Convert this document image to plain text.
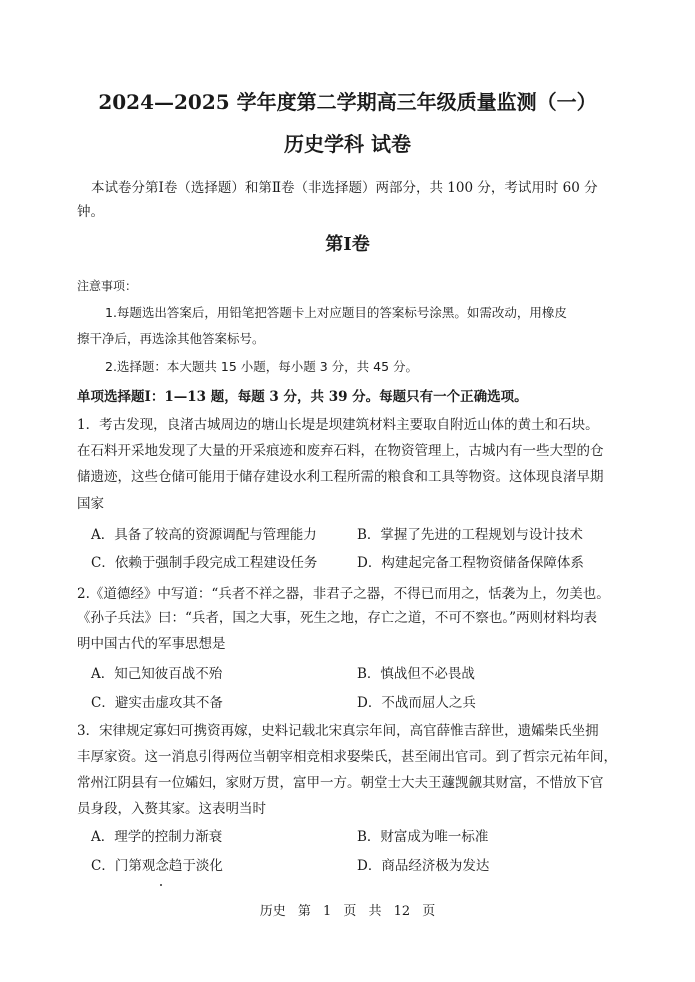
2024—2025 学年度第二学期高三年级质量监测（一）
历史学科 试卷
本试卷分第Ⅰ卷（选择题）和第Ⅱ卷（非选择题）两部分，共 100 分，考试用时 60 分
钟。
第Ⅰ卷
注意事项：
1.每题选出答案后，用铅笔把答题卡上对应题目的答案标号涂黑。如需改动，用橡皮
擦干净后，再选涂其他答案标号。
2.选择题：本大题共 15 小题，每小题 3 分，共 45 分。
单项选择题Ⅰ：1—13 题，每题 3 分，共 39 分。每题只有一个正确选项。
1．考古发现，良渚古城周边的塘山长堤是坝建筑材料主要取自附近山体的黄土和石块。
在石料开采地发现了大量的开采痕迹和废弃石料，在物资管理上，古城内有一些大型的仓
储遗迹，这些仓储可能用于储存建设水利工程所需的粮食和工具等物资。这体现良渚早期
国家
A．具备了较高的资源调配与管理能力	B．掌握了先进的工程规划与设计技术
C．依赖于强制手段完成工程建设任务	D．构建起完备工程物资储备保障体系
2.《道德经》中写道：“兵者不祥之器，非君子之器，不得已而用之，恬袭为上，勿美也。
《孙子兵法》曰：“兵者，国之大事，死生之地，存亡之道，不可不察也。”两则材料均表
明中国古代的军事思想是
A．知己知彼百战不殆	B．慎战但不必畏战
C．避实击虚攻其不备	D．不战而屈人之兵
3．宋律规定寡妇可携资再嫁，史料记载北宋真宗年间，高官薛惟吉辞世，遗孀柴氏坐拥
丰厚家资。这一消息引得两位当朝宰相竞相求娶柴氏，甚至闹出官司。到了哲宗元祐年间，
常州江阴县有一位孀妇，家财万贯，富甲一方。朝堂士大夫王蘧觊觎其财富，不惜放下官
员身段，入赘其家。这表明当时
A．理学的控制力渐衰	B．财富成为唯一标准
C．门第观念趋于淡化	D．商品经济极为发达
历史 第 1 页 共 12 页
